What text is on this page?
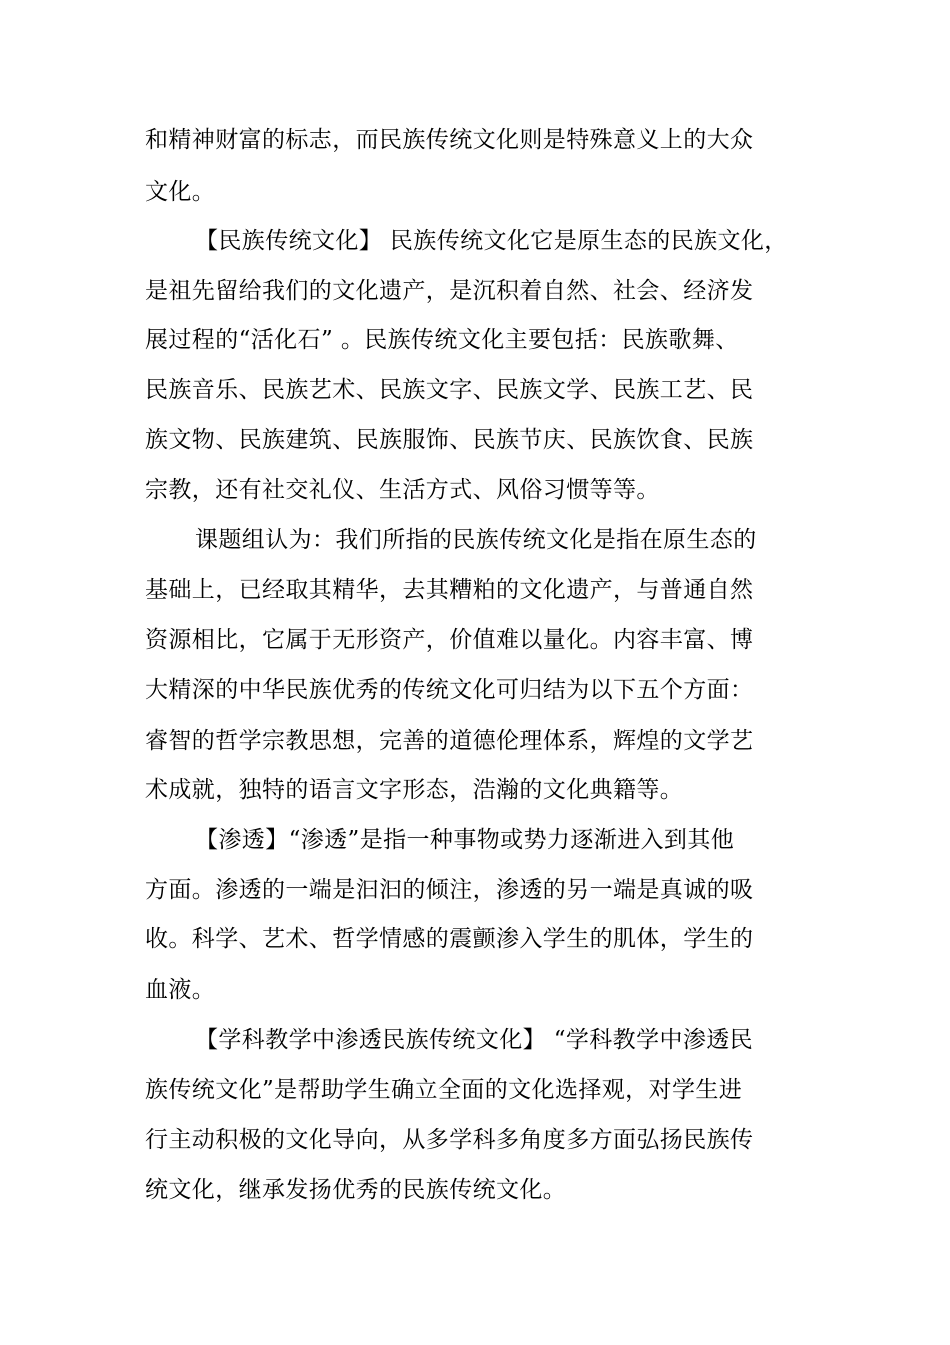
和精神财富的标志，而民族传统文化则是特殊意义上的大众
文化。
【民族传统文化】 民族传统文化它是原生态的民族文化，
是祖先留给我们的文化遗产，是沉积着自然、社会、经济发
展过程的“活化石” 。民族传统文化主要包括：民族歌舞、
民族音乐、民族艺术、民族文字、民族文学、民族工艺、民
族文物、民族建筑、民族服饰、民族节庆、民族饮食、民族
宗教，还有社交礼仪、生活方式、风俗习惯等等。
课题组认为：我们所指的民族传统文化是指在原生态的
基础上，已经取其精华，去其糟粕的文化遗产，与普通自然
资源相比，它属于无形资产，价值难以量化。内容丰富、博
大精深的中华民族优秀的传统文化可归结为以下五个方面：
睿智的哲学宗教思想，完善的道德伦理体系，辉煌的文学艺
术成就，独特的语言文字形态，浩瀚的文化典籍等。
【渗透】“渗透”是指一种事物或势力逐渐进入到其他
方面。渗透的一端是汩汩的倾注，渗透的另一端是真诚的吸
收。科学、艺术、哲学情感的震颤渗入学生的肌体，学生的
血液。
【学科教学中渗透民族传统文化】 “学科教学中渗透民
族传统文化”是帮助学生确立全面的文化选择观，对学生进
行主动积极的文化导向，从多学科多角度多方面弘扬民族传
统文化，继承发扬优秀的民族传统文化。
